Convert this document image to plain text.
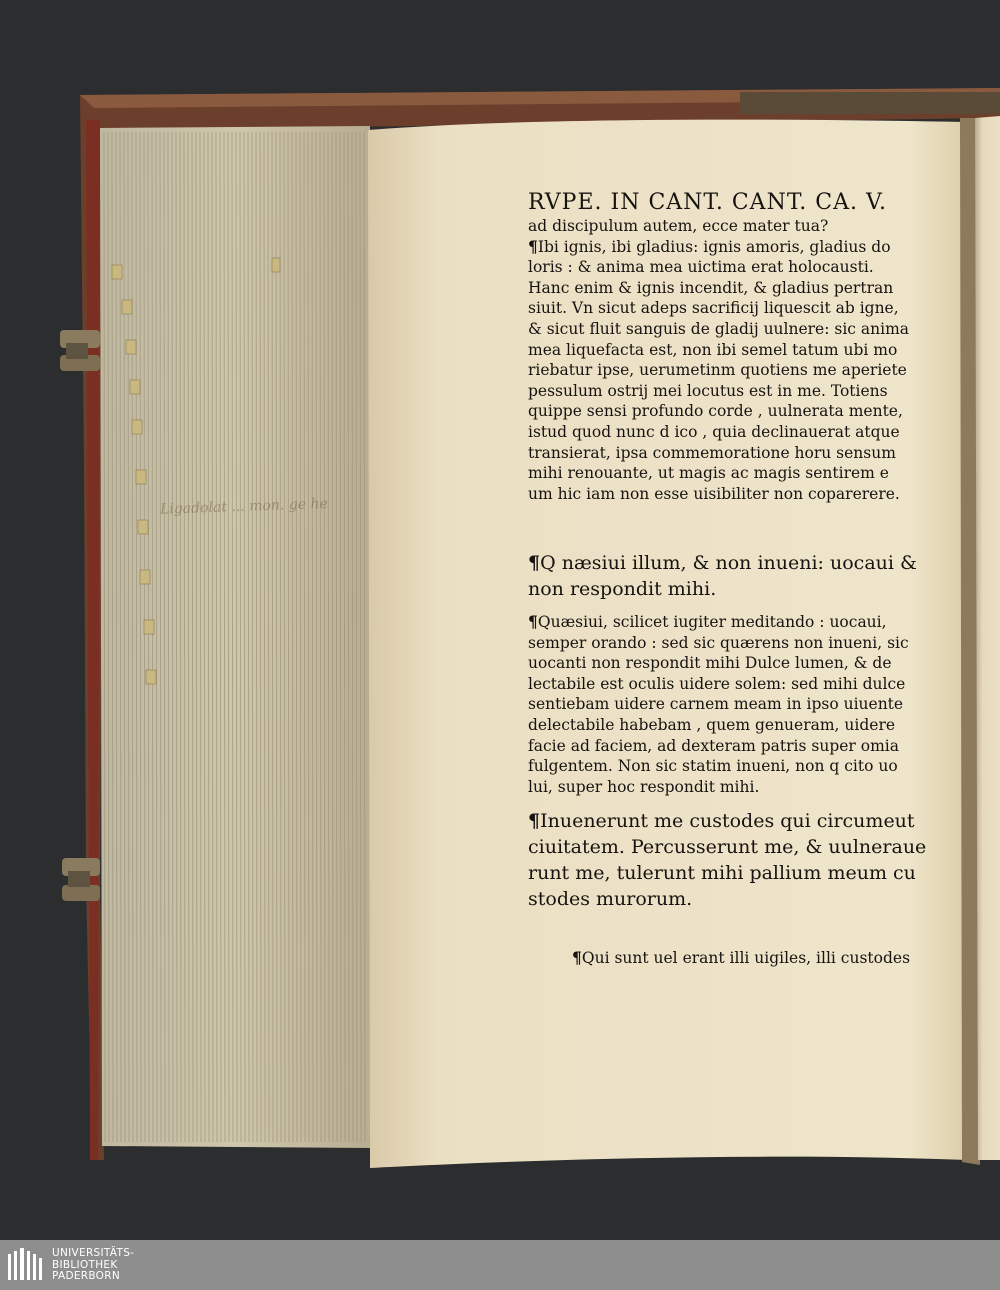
Ligadolat ... mon. ge he
RVPE. IN CANT. CANT. CA. V.
ad discipulum autem, ecce mater tua?
¶Ibi ignis, ibi gladius: ignis amoris, gladius do
loris : & anima mea uictima erat holocausti.
Hanc enim & ignis incendit, & gladius pertran
siuit. Vn sicut adeps sacrificij liquescit ab igne,
& sicut fluit sanguis de gladij uulnere: sic anima
mea liquefacta est, non ibi semel tatum ubi mo
riebatur ipse, uerumetinm quotiens me aperiete
pessulum ostrij mei locutus est in me. Totiens
quippe sensi profundo corde , uulnerata mente,
istud quod nunc d ico , quia declinauerat atque
transierat, ipsa commemoratione horu sensum
mihi renouante, ut magis ac magis sentirem e
um hic iam non esse uisibiliter non coparerere.
¶Q næsiui illum, & non inueni: uocaui &
non respondit mihi.
¶Quæsiui, scilicet iugiter meditando : uocaui,
semper orando : sed sic quærens non inueni, sic
uocanti non respondit mihi Dulce lumen, & de
lectabile est oculis uidere solem: sed mihi dulce
sentiebam uidere carnem meam in ipso uiuente
delectabile habebam , quem genueram, uidere
facie ad faciem, ad dexteram patris super omia
fulgentem. Non sic statim inueni, non q cito uo
lui, super hoc respondit mihi.
¶Inuenerunt me custodes qui circumeut
ciuitatem. Percusserunt me, & uulneraue
runt me, tulerunt mihi pallium meum cu
stodes murorum.
¶Qui sunt uel erant illi uigiles, illi custodes
UNIVERSITÄTS-
BIBLIOTHEK
PADERBORN
